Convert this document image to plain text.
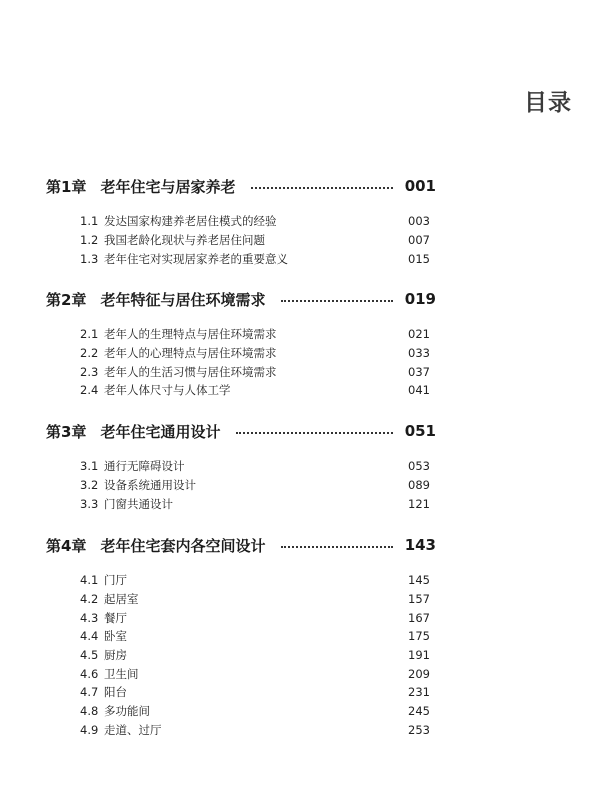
目录
第1章 老年住宅与居家养老	001
1.1 发达国家构建养老居住模式的经验	003
1.2 我国老龄化现状与养老居住问题	007
1.3 老年住宅对实现居家养老的重要意义	015
第2章 老年特征与居住环境需求	019
2.1 老年人的生理特点与居住环境需求	021
2.2 老年人的心理特点与居住环境需求	033
2.3 老年人的生活习惯与居住环境需求	037
2.4 老年人体尺寸与人体工学	041
第3章 老年住宅通用设计	051
3.1 通行无障碍设计	053
3.2 设备系统通用设计	089
3.3 门窗共通设计	121
第4章 老年住宅套内各空间设计	143
4.1 门厅	145
4.2 起居室	157
4.3 餐厅	167
4.4 卧室	175
4.5 厨房	191
4.6 卫生间	209
4.7 阳台	231
4.8 多功能间	245
4.9 走道、过厅	253
